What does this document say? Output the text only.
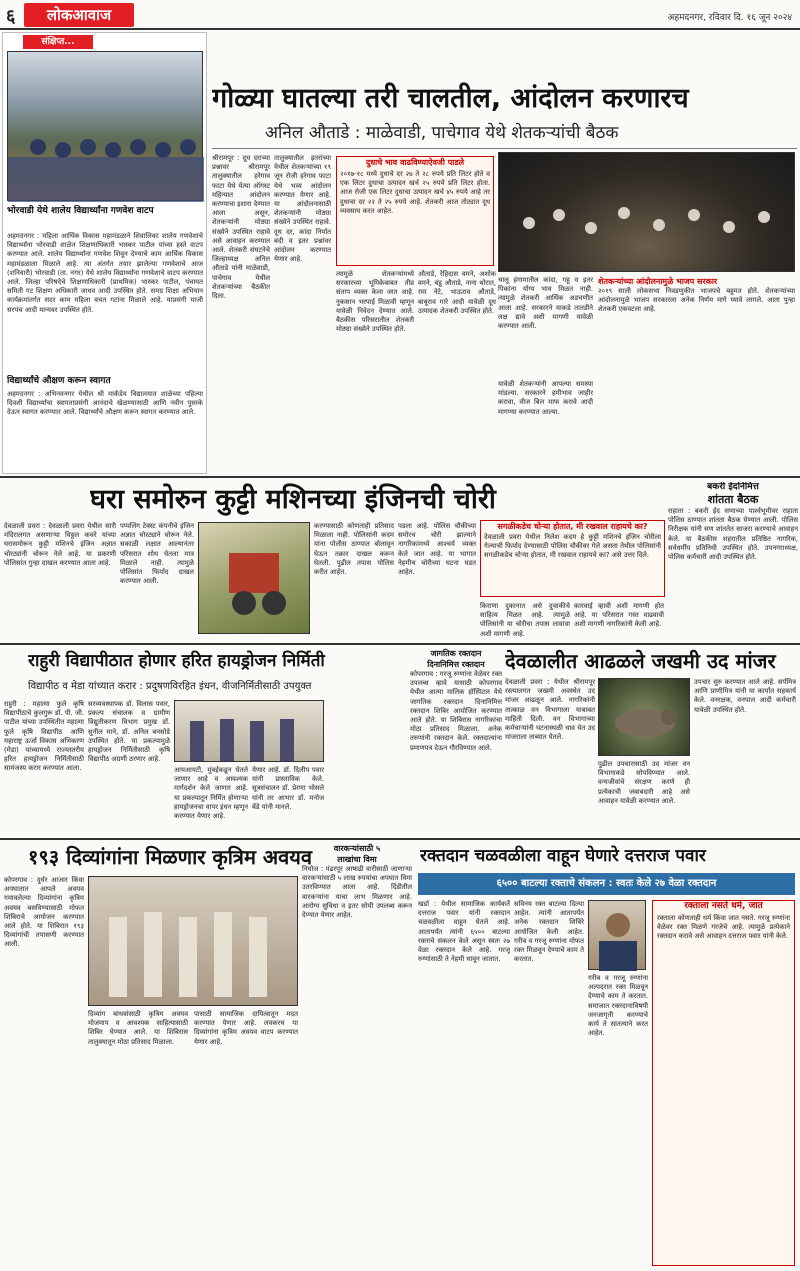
६	लोकआवाज	अहमदनगर, रविवार दि. १६ जून २०२४
संक्षिप्त...
भोरवाडी येथे शालेय विद्यार्थ्यांना गणवेश वाटप
अहमदनगर : महिला आर्थिक विकास महामंडळाने शिवालिका शालेय गणवेशाचे विद्यार्थ्यांना भोरवाडी शाळेत शिक्षणाधिकारी भास्कर पाटील यांच्या हस्ते वाटप करण्यात आले. शालेय विद्यार्थ्यांना गणवेश शिवून देण्याचे काम आर्थिक विकास महामंडळाला मिळाले आहे. त्या अंतर्गत तयार झालेल्या गणवेशाचे आज (शनिवारी) भोरवाडी (ता. नगर) येथे शालेय विद्यार्थ्यांना गणवेशाचे वाटप करण्यात आले. जिल्हा परिषदेचे शिक्षणाधिकारी (प्राथमिक) भास्कर पाटील, पंचायत समिती गट शिक्षण अधिकारी जाधव आदी उपस्थित होते. समग्र शिक्षा अभियान कार्यक्रमांतर्गत सदर काम महिला बचत गटांना मिळाले आहे. याप्रसंगी माजी सरपंच आदी मान्यवर उपस्थित होते.
विद्यार्थ्यांचे औक्षण करून स्वागत
अहमदनगर : अभिनवनगर येथील श्री मार्कंडेय विद्यालयात शाळेच्या पहिल्या दिवशी विद्यार्थ्यांचा स्वागताप्रसंगी आनंदाचे खेळण्यासाठी आणि नवीन पुस्तके देऊन स्वागत करण्यात आले. विद्यार्थ्यांचे औक्षण करून स्वागत करण्यात आले.
गोळ्या घातल्या तरी चालतील, आंदोलन करणारच
अनिल औताडे : माळेवाडी, पाचेगाव येथे शेतकऱ्यांची बैठक
श्रीरामपूर : दूध दराच्या प्रश्नावर श्रीरामपूर तालुक्यातील हरेगाव फाटा येथे येत्या ऑगस्ट महिन्यात आंदोलन करण्याचा इशारा देण्यात आला असून, शेतकऱ्यांनी मोठ्या संख्येने उपस्थित राहावे असे आवाहन करण्यात आले. शेतकरी संघटनेचे जिल्हाध्यक्ष अनिल औताडे यांनी माळेवाडी, पाचेगाव येथील शेतकऱ्यांच्या बैठकीत दिला.
तालुक्यातील इतरांच्या येथील शेतकऱ्यांच्या १९ जून रोजी हरेगाव फाटा येथे भव्य आंदोलन करण्यात येणार आहे. या आंदोलनासाठी शेतकऱ्यांनी मोठ्या संख्येने उपस्थित राहावे. दूध दर, कांदा निर्यात बंदी व इतर प्रश्नांवर आंदोलन करण्यात येणार आहे.
दुधाचे भाव वाढविण्याऐवजी पाडले
२०१७-१८ मध्ये दुधाचे दर २७ ते २८ रुपये प्रति लिटर होते व एक लिटर दुधाचा उत्पादन खर्च २५ रुपये प्रति लिटर होता. आज रोजी एक लिटर दुधाचा उत्पादन खर्च ४५ रुपये आहे तर दुधाचा दर २२ ते २५ रुपये आहे. शेतकरी आज तोट्यात दूध व्यवसाय करत आहेत.
त्यामुळे शेतकऱ्यांमध्ये सरकारच्या भूमिकेबाबत तीव्र संताप व्यक्त केला जात आहे. नुकसान भरपाई मिळावी म्हणून यावेळी निवेदन देण्यात आले. बैठकीस परिसरातील शेतकरी मोठ्या संख्येने उपस्थित होते.
औताडे, रेहिदास वमने, अशोक वमने, बंडू औताडे, नाना थोरात, रमा नेटे, भाऊराव औताडे, बाबूराव गारे आदी यावेळी दूध उत्पादक शेतकरी उपस्थित होते.
चालू हंगामातील कांदा, गहू व इतर पिकांना योग्य भाव मिळत नाही. त्यामुळे शेतकरी आर्थिक अडचणीत आला आहे. सरकारने याकडे तातडीने लक्ष द्यावे अशी मागणी यावेळी करण्यात आली.
यावेळी शेतकऱ्यांनी आपल्या समस्या मांडल्या. सरकारने हमीभाव जाहीर करावा, वीज बिल माफ करावे आदी मागण्या करण्यात आल्या.
शेतकऱ्यांच्या आंदोलनामुळे भाजप सरकार
२०१९ साली लोकसभा निवडणुकीत भाजपचे बहुमत होते. शेतकऱ्यांच्या आंदोलनामुळे भाजप सरकारला अनेक निर्णय मागे घ्यावे लागले. आता पुन्हा शेतकरी एकवटला आहे.
घरा समोरुन कुट्टी मशिनच्या इंजिनची चोरी
देवळाली प्रवरा : देवळाली प्रवरा येथील सारी मंदिरालगत असणाऱ्या विठ्ठल कचरे यांच्या घरासमोरून कुट्टी मशिनचे इंजिन अज्ञात चोरट्यांनी चोरून नेले आहे. या प्रकरणी पोलिसांत गुन्हा दाखल करण्यात आला आहे.
पप्पलिंग टेक्स्ट कंपनीचे इंजिन अज्ञात चोरट्याने चोरून नेले. सकाळी लक्षात आल्यानंतर परिसरात शोध घेतला मात्र मिळाले नाही. त्यामुळे पोलिसांत फिर्याद दाखल करण्यात आली.
करण्यासाठी कोणताही प्रतिसाद मिळाला नाही. पोलिसांनी कदम यांना पोलीस ठाण्यात बोलावून घेऊन तक्रार दाखल करून घेतली. पुढील तपास पोलिस करीत आहेत.
पडला आहे. पोलिस चौकीच्या समोरच चोरी झाल्याने नागरिकांमध्ये आश्चर्य व्यक्त केले जात आहे. या भागात नेहमीच चोरीच्या घटना घडत आहेत.
सगळीकडेच चोऱ्या होतात, मी रखवाल राहायचे का?
देवळाली प्रवरा येथील निलेश कदम हे कुट्टी मशिनचे इंजिन चोरीला गेल्याची फिर्याद देण्यासाठी पोलिस चौकीवर गेले असता तेथील पोलिसांनी सगळीकडेच चोऱ्या होतात, मी रखवाल राहायचे का? असे उत्तर दिले.
किराणा दुकानात असे दुचाकीचे साहित्य मिळत आहे. त्यामुळे पोलिसांनी या चोरीचा तपास लावावा अशी मागणी आहे.
कारवाई व्हावी अशी मागणी होत आहे. या परिसरात गस्त वाढवावी अशी मागणी नागरिकांनी केली आहे.
बकरी ईदनिमित्त
शांतता बैठक
राहाता : बकरी ईद सणाच्या पार्श्वभूमीवर राहाता पोलिस ठाण्यात शांतता बैठक घेण्यात आली. पोलिस निरीक्षक यांनी सण शांततेत साजरा करण्याचे आवाहन केले. या बैठकीस शहरातील प्रतिष्ठित नागरिक, सर्वधर्मीय प्रतिनिधी उपस्थित होते. उपनगराध्यक्ष, पोलिस कर्मचारी आदी उपस्थित होते.
राहुरी विद्यापीठात होणार हरित हायड्रोजन निर्मिती
विद्यापीठ व मेडा यांच्यात करार : प्रदुषणविरहित इंधन, वीजनिर्मितीसाठी उपयुक्त
राहुरी : महात्मा फुले कृषि विद्यापीठाचे कुलगुरू डॉ. पी. जी. पाटील यांच्या उपस्थितीत महात्मा फुले कृषि विद्यापीठ आणि महाराष्ट्र ऊर्जा विकास अभिकरण (मेडा) यांच्यामध्ये राज्यस्तरीय हरित हायड्रोजन निर्मितीसाठी सामंजस्य करार करण्यात आला.
सरव्यवस्थापक डॉ. विलास पवार, प्रकल्प संचालक व ग्रामीण विद्युतीकरण विभाग प्रमुख डॉ. सुनील माने, डॉ. अनिल बनसोडे उपस्थित होते. या प्रकल्पामुळे हायड्रोजन निर्मितीसाठी कृषि विद्यापीठ अग्रणी ठरणार आहे.
आयआयटी, मुंबईकडून घेतले जाणार आहे व आवश्यक मार्गदर्शन केले जाणार आहे. या प्रकल्पातून निर्मित होणाऱ्या हायड्रोजनचा वापर इंधन म्हणून करण्यात येणार आहे.
येणार आहे. डॉ. दिलीप पवार यांनी प्रास्ताविक केले. सूत्रसंचालन डॉ. प्रेरणा भोसले यांनी तर आभार डॉ. मनोज बेंडे यांनी मानले.
जागतिक रक्तदान
दिनानिमित्त रक्तदान
कोपरगाव : गरजू रुग्णांना वेळेवर रक्त उपलब्ध व्हावे यासाठी कोपरगाव येथील आत्मा मालिक हॉस्पिटल येथे जागतिक रक्तदान दिनानिमित्त रक्तदान शिबिर आयोजित करण्यात आले होते. या शिबिरास नागरिकांचा मोठा प्रतिसाद मिळाला. अनेक तरुणांनी रक्तदान केले. रक्तदात्यांना प्रमाणपत्र देऊन गौरविण्यात आले.
देवळालीत आढळले जखमी उद मांजर
देवळाली प्रवरा : येथील श्रीरामपूर रस्त्यालगत जखमी अवस्थेत उद मांजर आढळून आले. नागरिकांनी तात्काळ वन विभागाला याबाबत माहिती दिली. वन विभागाच्या कर्मचाऱ्यांनी घटनास्थळी धाव घेत उद मांजराला ताब्यात घेतले.
पुढील उपचारासाठी उद मांजर वन विभागाकडे सोपविण्यात आले. वन्यजीवांचे संरक्षण करणे ही प्रत्येकाची जबाबदारी आहे असे आवाहन यावेळी करण्यात आले.
उपचार सुरु करण्यात आले आहे. सर्पमित्र आणि प्राणीमित्र यांनी या कार्यात सहकार्य केले. वनरक्षक, वनपाल आदी कर्मचारी यावेळी उपस्थित होते.
१९३ दिव्यांगांना मिळणार कृत्रिम अवयव
कोपरगाव : दुर्धर आजार किंवा अपघातात आपले अवयव गमावलेल्या दिव्यांगांना कृत्रिम अवयव बसविण्यासाठी मोफत शिबिराचे आयोजन करण्यात आले होते. या शिबिरात १९३ दिव्यांगांची तपासणी करण्यात आली.
दिव्यांग बांधवांसाठी कृत्रिम अवयव मोजमाप व आवश्यक साहित्यासाठी शिबिर घेण्यात आले. या शिबिरास तालुक्यातून मोठा प्रतिसाद मिळाला.
पासाठी सामाजिक दायित्वातून मदत करण्यात येणार आहे. लवकरच या दिव्यांगांना कृत्रिम अवयव वाटप करण्यात येणार आहे.
वारकऱ्यांसाठी ५
लाखांचा विमा
निघोज : पंढरपूर आषाढी वारीसाठी जाणाऱ्या वारकऱ्यांसाठी ५ लाख रुपयांचा अपघात विमा उतरविण्यात आला आहे. दिंडीतील वारकऱ्यांना याचा लाभ मिळणार आहे. आरोग्य सुविधा व इतर सोयी उपलब्ध करून देण्यात येणार आहेत.
रक्तदान चळवळीला वाहून घेणारे दत्तराज पवार
६५०० बाटल्या रक्ताचे संकलन : स्वतः केले २७ वेळा रक्तदान
खर्डा : येथील सामाजिक कार्यकर्ते दत्तराज पवार यांनी रक्तदान चळवळीला वाहून घेतले आहे. आतापर्यंत त्यांनी ६५०० बाटल्या रक्ताचे संकलन केले असून स्वतः २७ वेळा रक्तदान केले आहे. गरजू रुग्णांसाठी ते नेहमी धावून जातात.
सविनय रक्त बाटल्या दिल्या आहेत. त्यांनी आतापर्यंत अनेक रक्तदान शिबिरे आयोजित केली आहेत. गरीब व गरजू रुग्णांना मोफत रक्त मिळवून देण्याचे काम ते करतात.
गरीब व गरजू रुग्णांना अल्पदरात रक्त मिळवून देण्याचे काम ते करतात. समाजात रक्तदानाविषयी जनजागृती करण्याचे कार्य ते सातत्याने करत आहेत.
रक्ताला नसते धर्म, जात
रक्ताला कोणताही धर्म किंवा जात नसते. गरजू रुग्णांना वेळेवर रक्त मिळणे गरजेचे आहे. त्यामुळे प्रत्येकाने रक्तदान करावे असे आवाहन दत्तराज पवार यांनी केले.
